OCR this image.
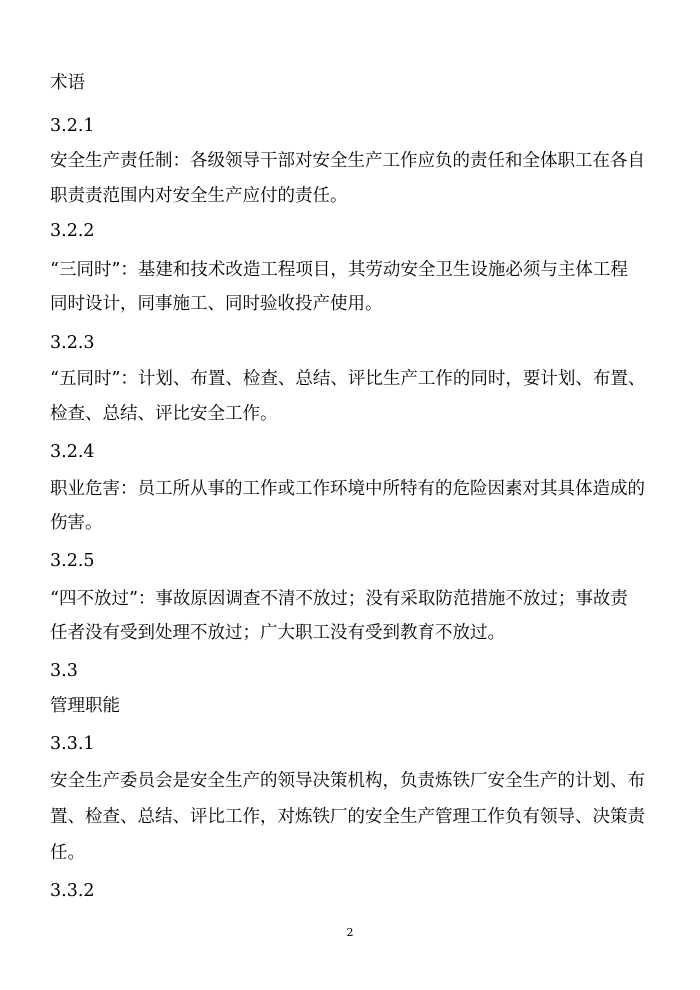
术语
3.2.1
安全生产责任制：各级领导干部对安全生产工作应负的责任和全体职工在各自
职责责范围内对安全生产应付的责任。
3.2.2
“三同时”：基建和技术改造工程项目，其劳动安全卫生设施必须与主体工程
同时设计，同事施工、同时验收投产使用。
3.2.3
“五同时”：计划、布置、检查、总结、评比生产工作的同时，要计划、布置、
检查、总结、评比安全工作。
3.2.4
职业危害：员工所从事的工作或工作环境中所特有的危险因素对其具体造成的
伤害。
3.2.5
“四不放过”：事故原因调查不清不放过；没有采取防范措施不放过；事故责
任者没有受到处理不放过；广大职工没有受到教育不放过。
3.3
管理职能
3.3.1
安全生产委员会是安全生产的领导决策机构，负责炼铁厂安全生产的计划、布
置、检查、总结、评比工作，对炼铁厂的安全生产管理工作负有领导、决策责
任。
3.3.2
2
